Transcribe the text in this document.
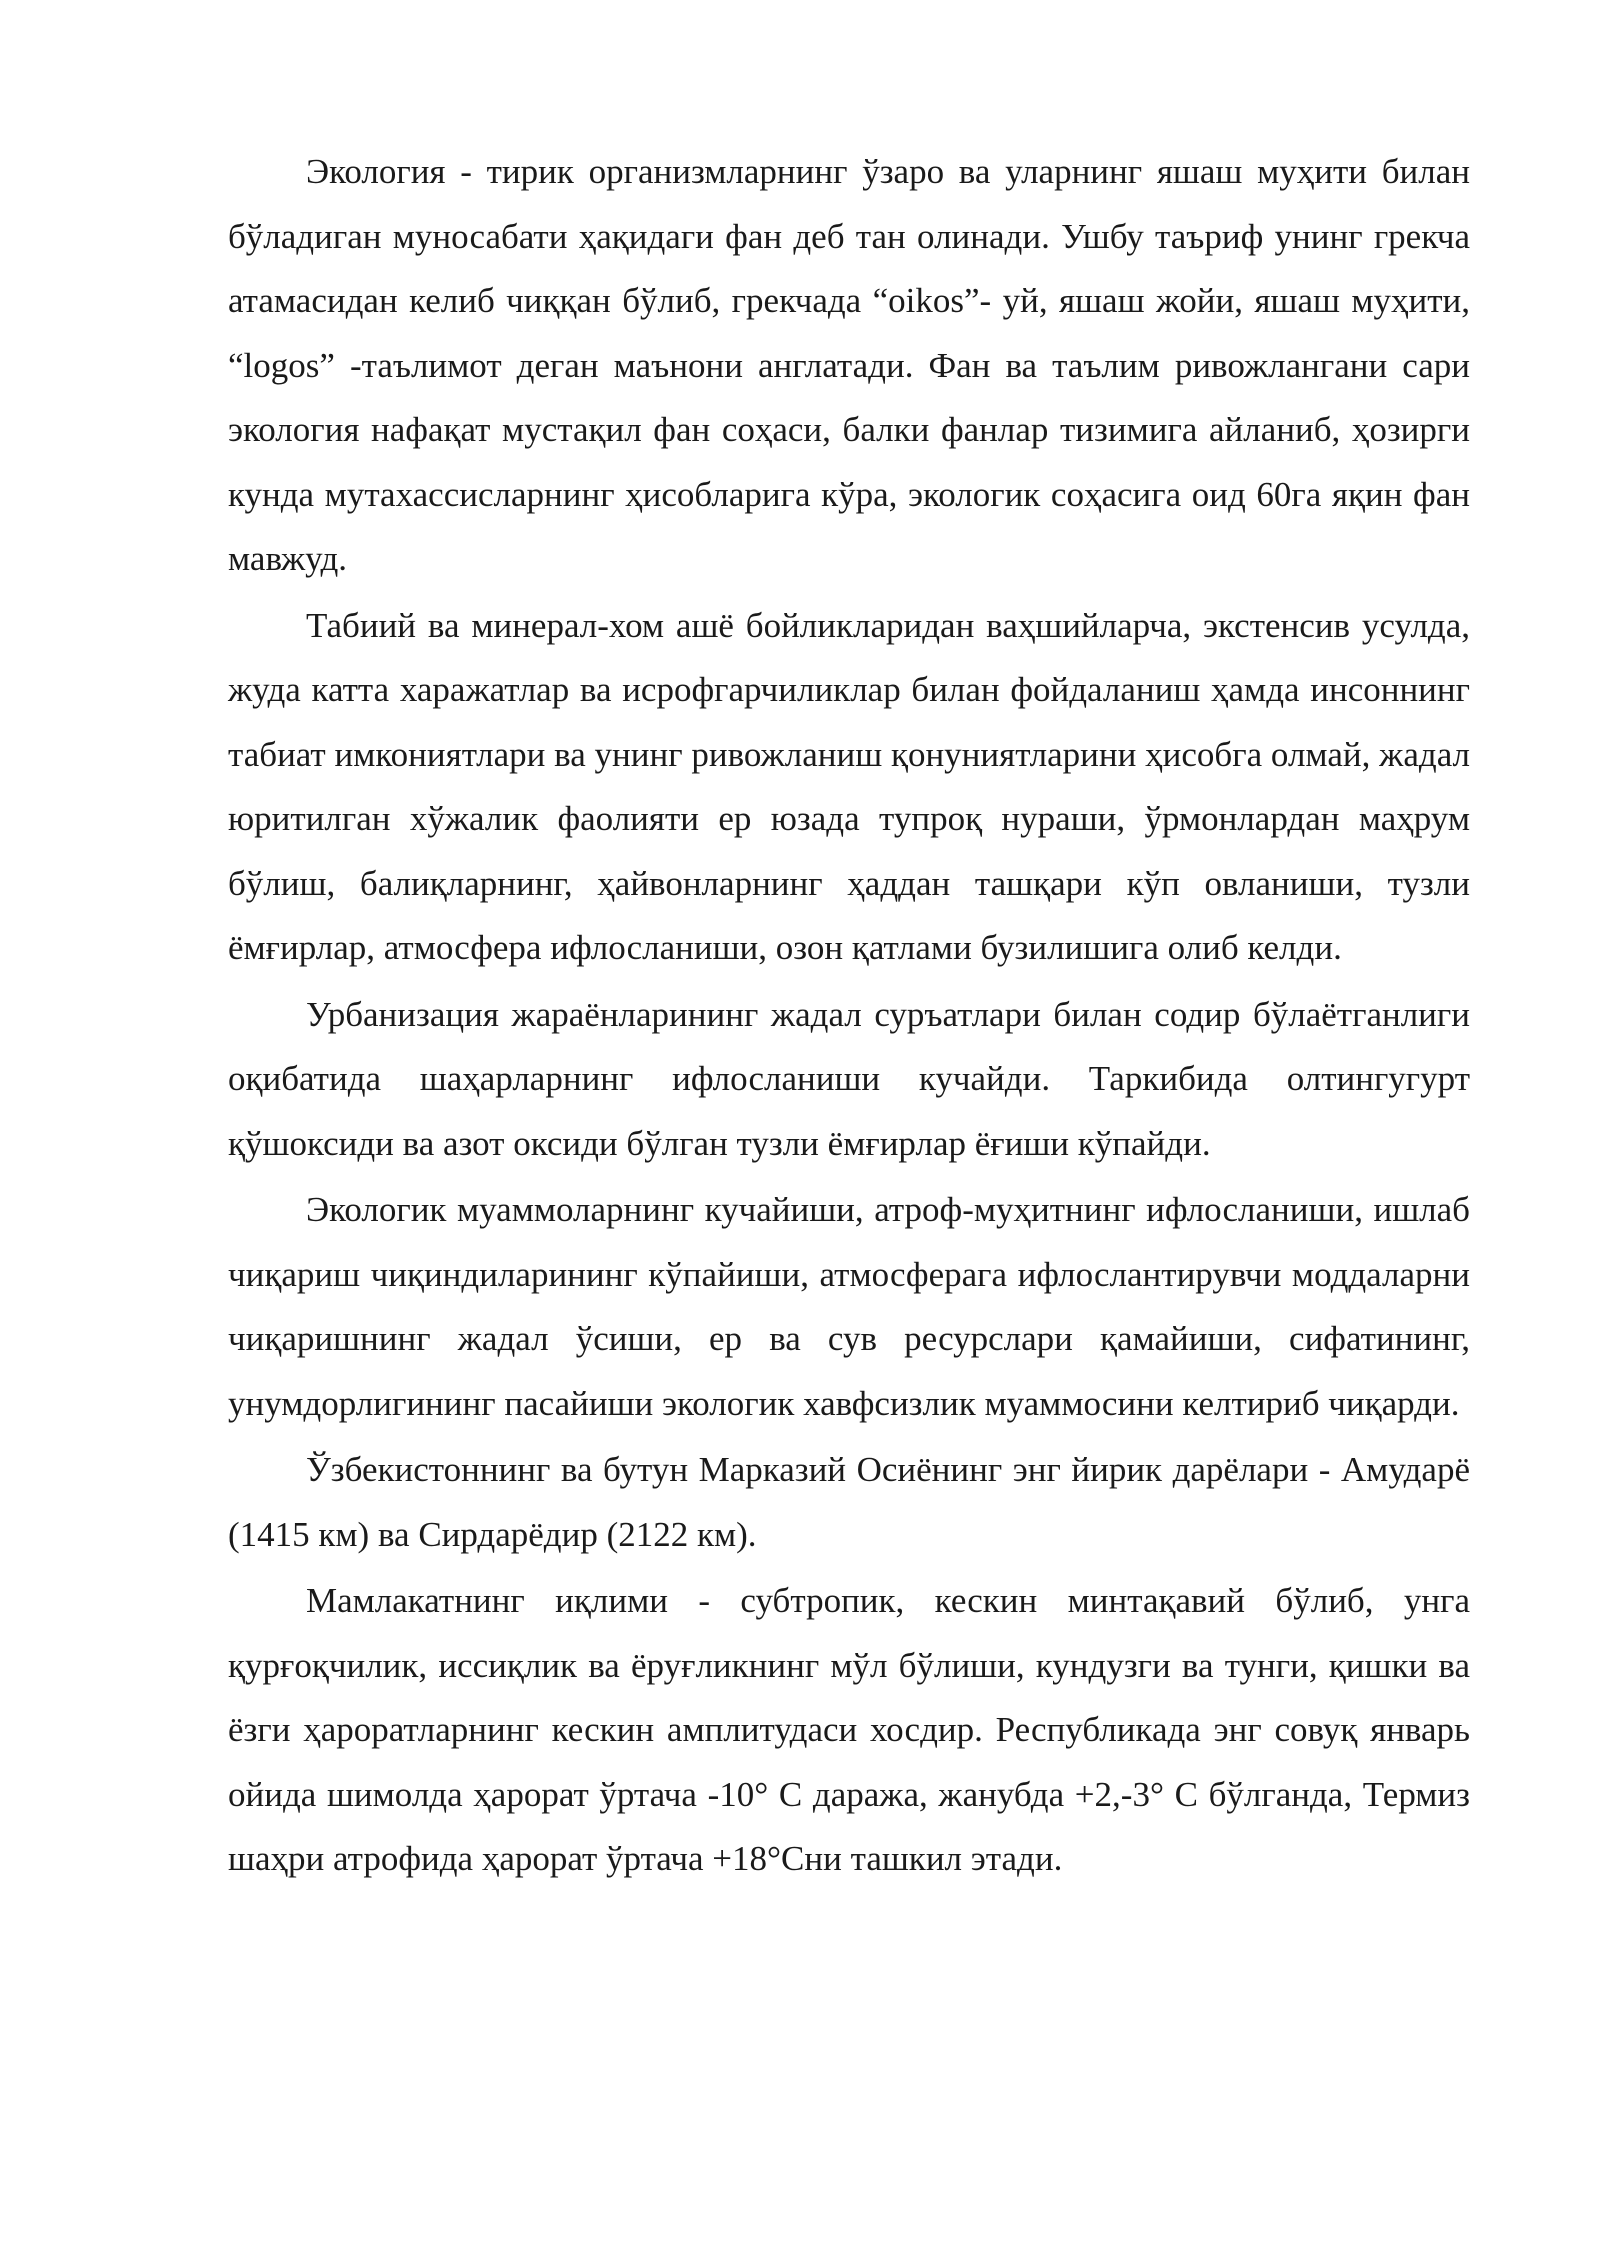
Экология - тирик организмларнинг ўзаро ва уларнинг яшаш муҳити билан бўладиган муносабати ҳақидаги фан деб тан олинади. Ушбу таъриф унинг грекча атамасидан келиб чиққан бўлиб, грекчада “oikos”- уй, яшаш жойи, яшаш муҳити, “logos” -таълимот деган маънони англатади. Фан ва таълим ривожлангани сари экология нафақат мустақил фан соҳаси, балки фанлар тизимига айланиб, ҳозирги кунда мутахассисларнинг ҳисобларига кўра, экологик соҳасига оид 60га яқин фан мавжуд.

Табиий ва минерал-хом ашё бойликларидан ваҳшийларча, экстенсив усулда, жуда катта харажатлар ва исрофгарчиликлар билан фойдаланиш ҳамда инсоннинг табиат имкониятлари ва унинг ривожланиш қонуниятларини ҳисобга олмай, жадал юритилган хўжалик фаолияти ер юзада тупроқ нураши, ўрмонлардан маҳрум бўлиш, балиқларнинг, ҳайвонларнинг ҳаддан ташқари кўп овланиши, тузли ёмғирлар, атмосфера ифлосланиши, озон қатлами бузилишига олиб келди.

Урбанизация жараёнларининг жадал суръатлари билан содир бўлаётганлиги оқибатида шаҳарларнинг ифлосланиши кучайди. Таркибида олтингугурт қўшоксиди ва азот оксиди бўлган тузли ёмғирлар ёғиши кўпайди.

Экологик муаммоларнинг кучайиши, атроф-муҳитнинг ифлосланиши, ишлаб чиқариш чиқиндиларининг кўпайиши, атмосферага ифлослантирувчи моддаларни чиқаришнинг жадал ўсиши, ер ва сув ресурслари қамайиши, сифатининг, унумдорлигининг пасайиши экологик хавфсизлик муаммосини келтириб чиқарди.

Ўзбекистоннинг ва бутун Марказий Осиёнинг энг йирик дарёлари - Амударё (1415 км) ва Сирдарёдир (2122 км).

Мамлакатнинг иқлими - субтропик, кескин минтақавий бўлиб, унга қурғоқчилик, иссиқлик ва ёруғликнинг мўл бўлиши, кундузги ва тунги, қишки ва ёзги ҳароратларнинг кескин амплитудаси хосдир. Республикада энг совуқ январь ойида шимолда ҳарорат ўртача -10° С даража, жанубда +2,-3° С бўлганда, Термиз шаҳри атрофида ҳарорат ўртача +18°Сни ташкил этади.
